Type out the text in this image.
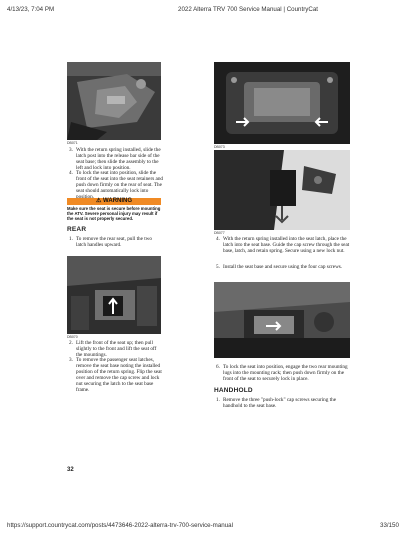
4/13/23, 7:04 PM	2022 Alterra TRV 700 Service Manual | CountryCat
DB071
3. With the return spring installed, slide the latch post into the release bar side of the seat base; then slide the assembly to the left and lock into position.
4. To lock the seat into position, slide the front of the seat into the seat retainers and push down firmly on the rear of seat. The seat should automatically lock into
⚠ WARNING
Make sure the seat is secure before mounting the ATV. Severe personal injury may result if the seat is not properly secured.
REAR
1. To remove the rear seat, pull the two latch handles upward.
DB070
2. Lift the front of the seat up; then pull slightly to the front and lift the seat off the mountings.
3. To remove the passenger seat latches, remove the seat base noting the installed position of the return spring. Flip the seat over and remove the cap screw and lock nut securing the latch to the seat base frame.
DB073
DB077
4. With the return spring installed into the seat latch, place the latch into the seat base. Guide the cap screw through the seat base, latch, and retain spring. Secure using a new lock nut.
5. Install the seat base and secure using the four cap screws.
6. To lock the seat into position, engage the two rear mounting lugs into the mounting rack; then push down firmly on the front of the seat to securely lock in place.
HANDHOLD
1. Remove the three "push-lock" cap screws securing the handhold to the seat base.
32
https://support.countrycat.com/posts/4473646-2022-alterra-trv-700-service-manual	33/150
